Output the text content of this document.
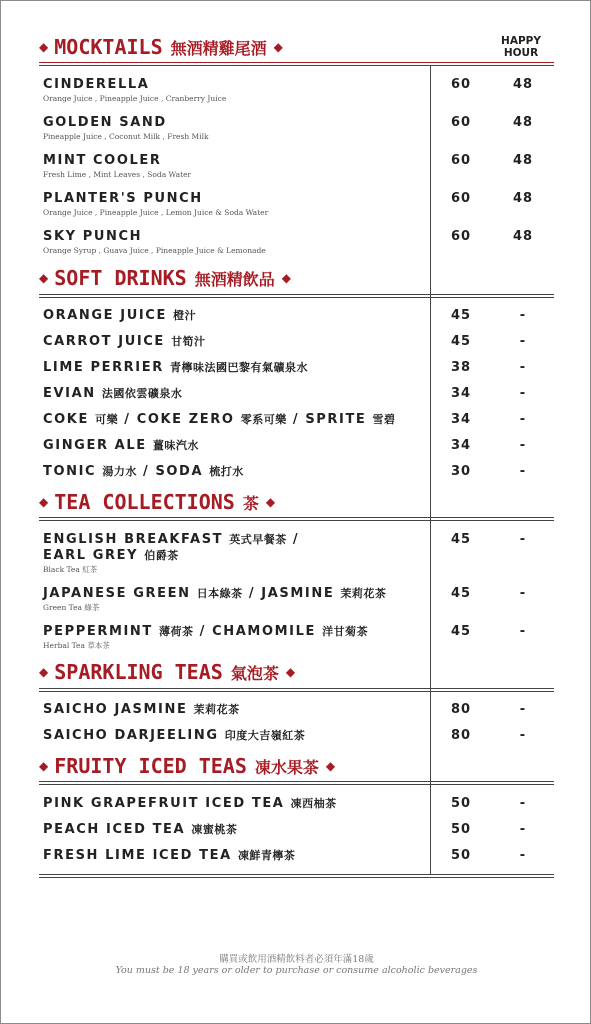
◆ MOCKTAILS 無酒精雞尾酒 ◆	HAPPY
HOUR
CINDERELLA
Orange Juice , Pineapple Juice , Cranberry Juice
60	48
GOLDEN SAND
Pineapple Juice , Coconut Milk , Fresh Milk
60	48
MINT COOLER
Fresh Lime , Mint Leaves , Soda Water
60	48
PLANTER'S PUNCH
Orange Juice , Pineapple Juice , Lemon Juice & Soda Water
60	48
SKY PUNCH
Orange Syrup , Guava Juice , Pineapple Juice & Lemonade
60	48
◆ SOFT DRINKS 無酒精飲品 ◆
ORANGE JUICE 橙汁	45	-
CARROT JUICE 甘筍汁	45	-
LIME PERRIER 青檸味法國巴黎有氣礦泉水	38	-
EVIAN 法國依雲礦泉水	34	-
COKE 可樂 / COKE ZERO 零系可樂 / SPRITE 雪碧	34	-
GINGER ALE 薑味汽水	34	-
TONIC 湯力水 / SODA 梳打水	30	-
◆ TEA COLLECTIONS 茶 ◆
ENGLISH BREAKFAST 英式早餐茶 /
EARL GREY 伯爵茶
Black Tea 紅茶
45	-
JAPANESE GREEN 日本綠茶 / JASMINE 茉莉花茶
Green Tea 綠茶
45	-
PEPPERMINT 薄荷茶 / CHAMOMILE 洋甘菊茶
Herbal Tea 草本茶
45	-
◆ SPARKLING TEAS 氣泡茶 ◆
SAICHO JASMINE 茉莉花茶	80	-
SAICHO DARJEELING 印度大吉嶺紅茶	80	-
◆ FRUITY ICED TEAS 凍水果茶 ◆
PINK GRAPEFRUIT ICED TEA 凍西柚茶	50	-
PEACH ICED TEA 凍蜜桃茶	50	-
FRESH LIME ICED TEA 凍鮮青檸茶	50	-
購買或飲用酒精飲料者必須年滿18歲
You must be 18 years or older to purchase or consume alcoholic beverages
